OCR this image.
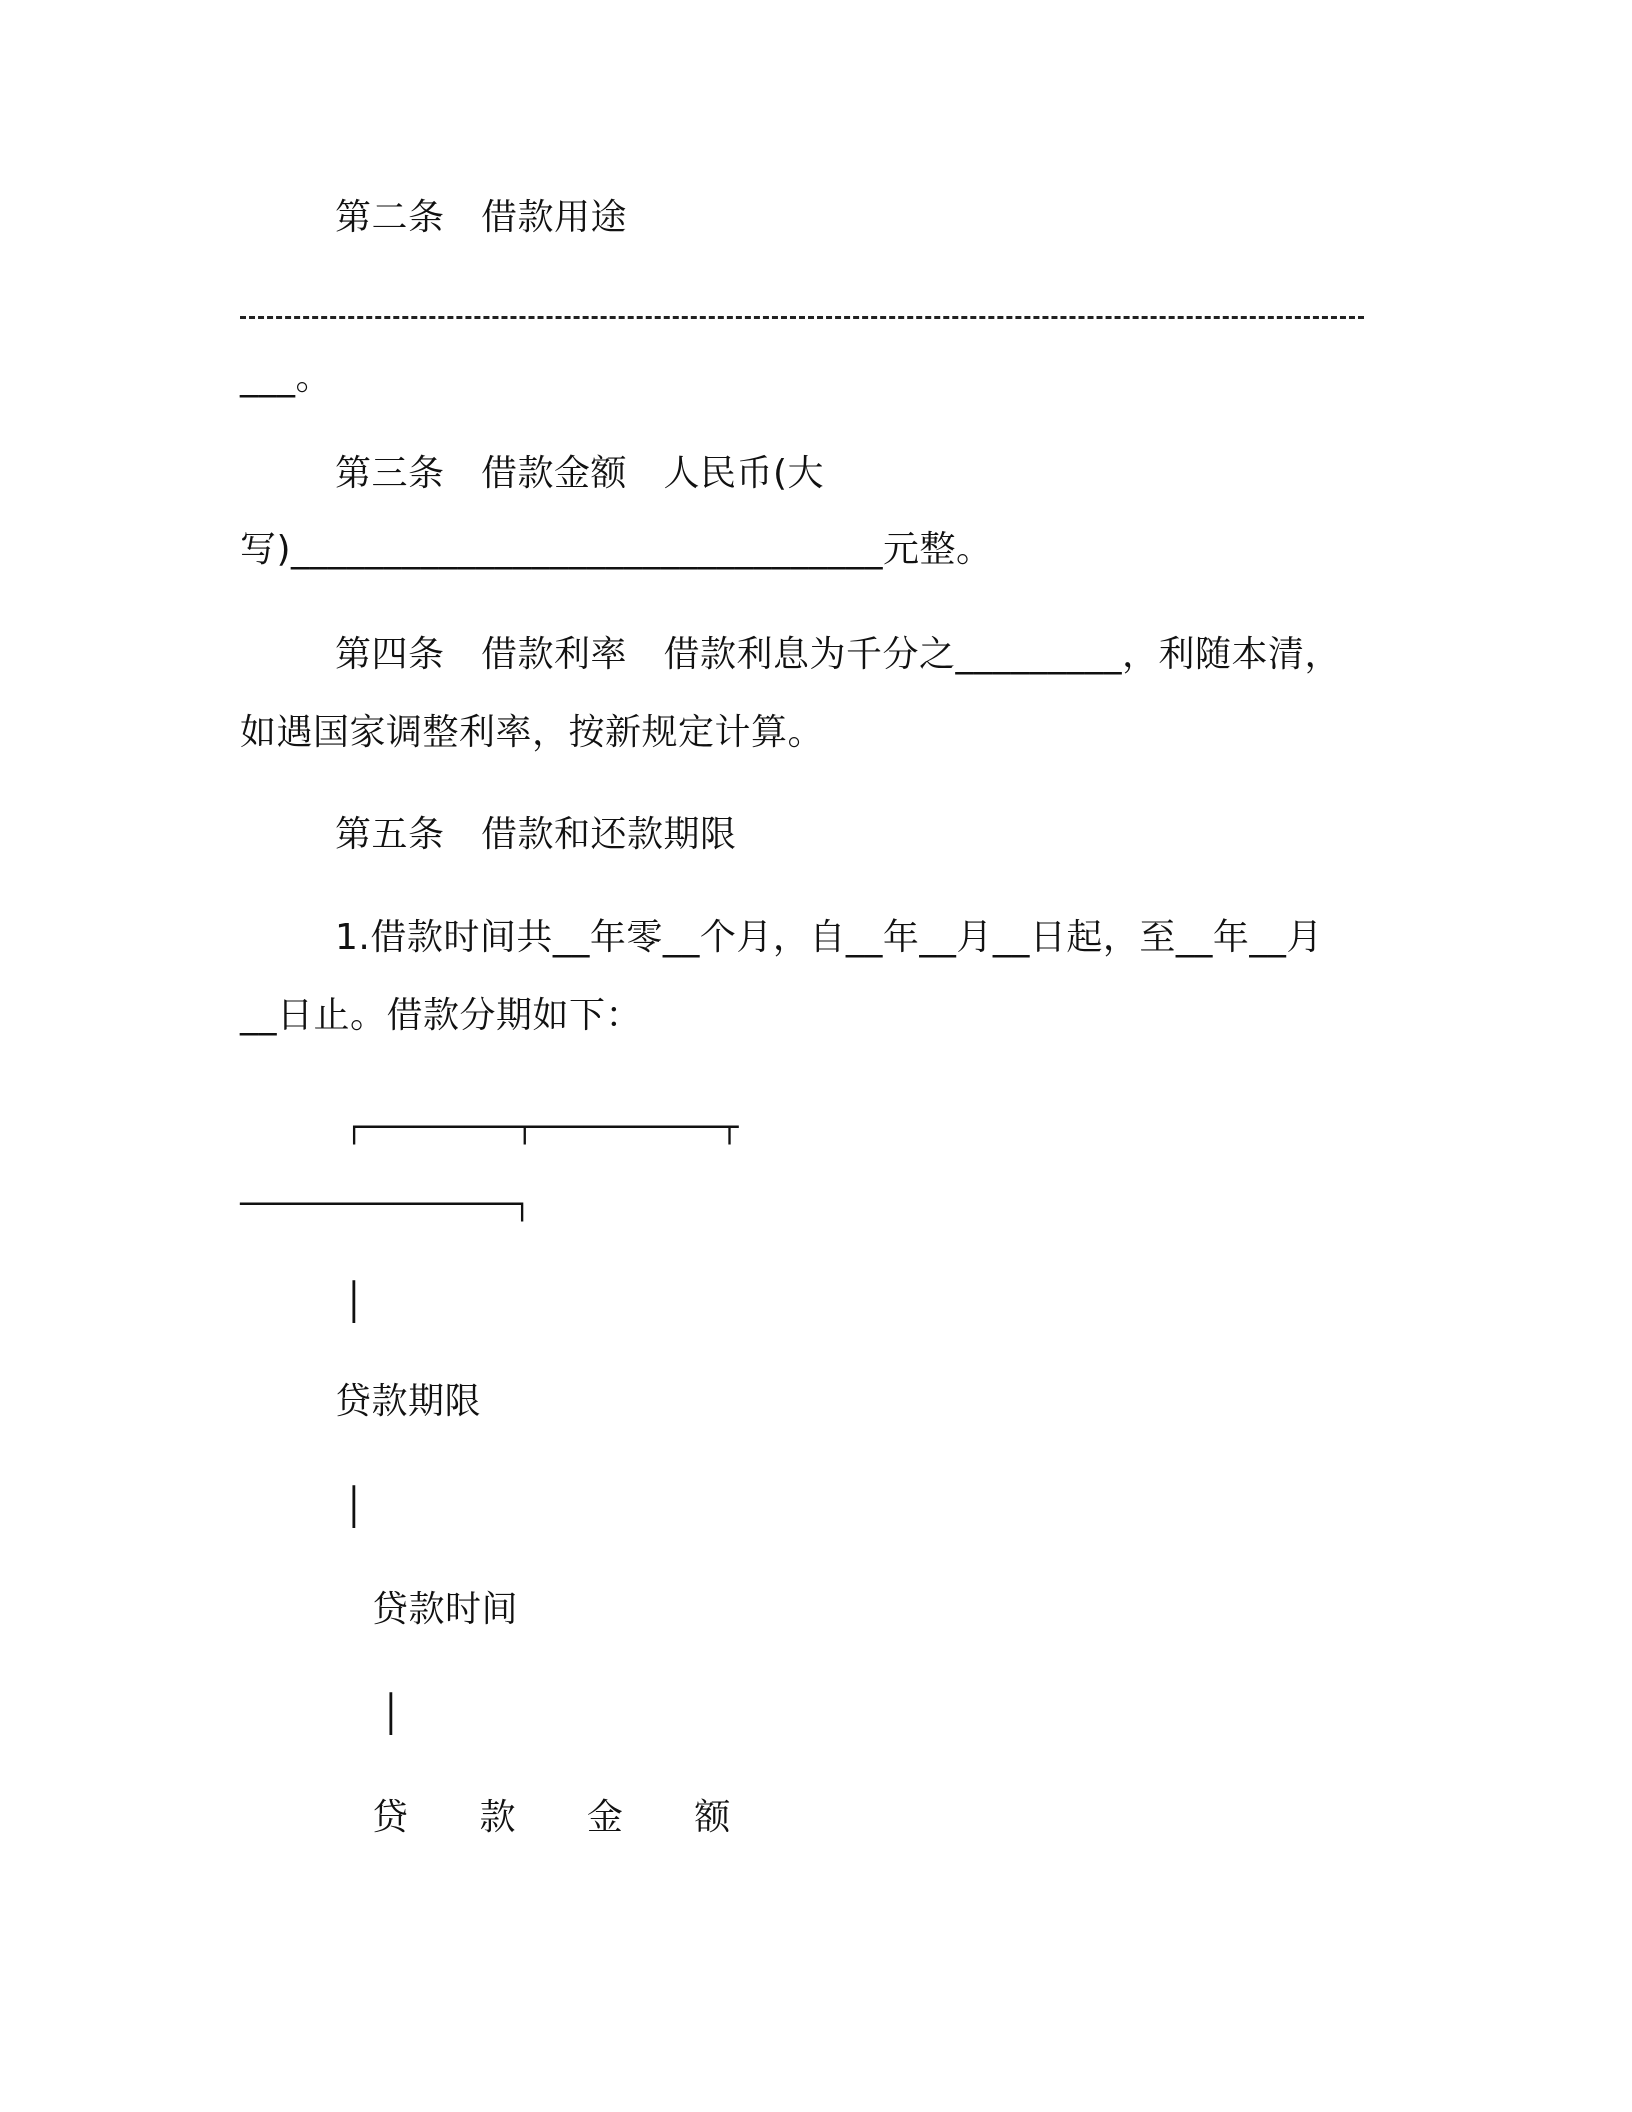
第二条　借款用途
___。
第三条　借款金额　人民币(大
写)________________________________元整。
第四条　借款利率　借款利息为千分之_________，利随本清，
如遇国家调整利率，按新规定计算。
第五条　借款和还款期限
1.借款时间共__年零__个月，自__年__月__日起，至__年__月
__日止。借款分期如下：
┌─────────┬───────────┬
────────────────┐
│
贷款期限
│
贷款时间
│
贷 款 金 额
